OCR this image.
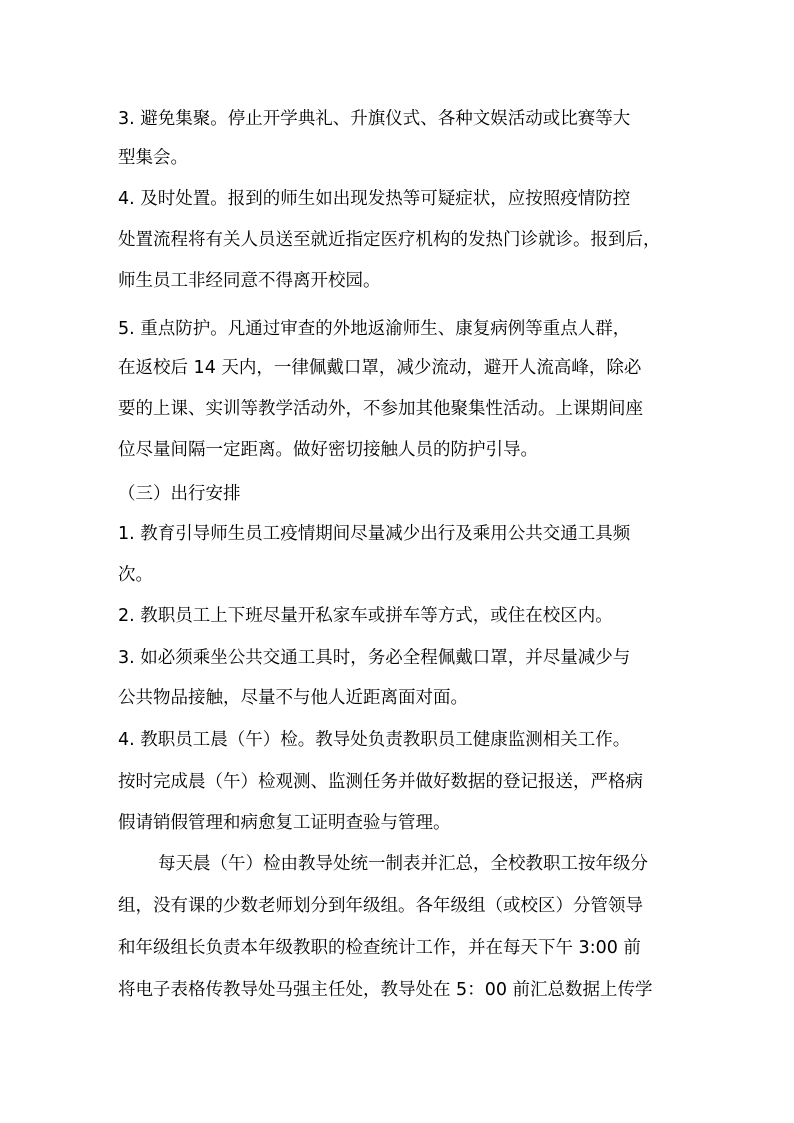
3. 避免集聚。停止开学典礼、升旗仪式、各种文娱活动或比赛等大
型集会。
4. 及时处置。报到的师生如出现发热等可疑症状，应按照疫情防控
处置流程将有关人员送至就近指定医疗机构的发热门诊就诊。报到后，
师生员工非经同意不得离开校园。
5. 重点防护。凡通过审查的外地返渝师生、康复病例等重点人群，
在返校后 14 天内，一律佩戴口罩，减少流动，避开人流高峰，除必
要的上课、实训等教学活动外，不参加其他聚集性活动。上课期间座
位尽量间隔一定距离。做好密切接触人员的防护引导。
（三）出行安排
1. 教育引导师生员工疫情期间尽量减少出行及乘用公共交通工具频
次。
2. 教职员工上下班尽量开私家车或拼车等方式，或住在校区内。
3. 如必须乘坐公共交通工具时，务必全程佩戴口罩，并尽量减少与
公共物品接触，尽量不与他人近距离面对面。
4. 教职员工晨（午）检。教导处负责教职员工健康监测相关工作。
按时完成晨（午）检观测、监测任务并做好数据的登记报送，严格病
假请销假管理和病愈复工证明查验与管理。
每天晨（午）检由教导处统一制表并汇总，全校教职工按年级分
组，没有课的少数老师划分到年级组。各年级组（或校区）分管领导
和年级组长负责本年级教职的检查统计工作，并在每天下午 3:00 前
将电子表格传教导处马强主任处，教导处在 5：00 前汇总数据上传学
